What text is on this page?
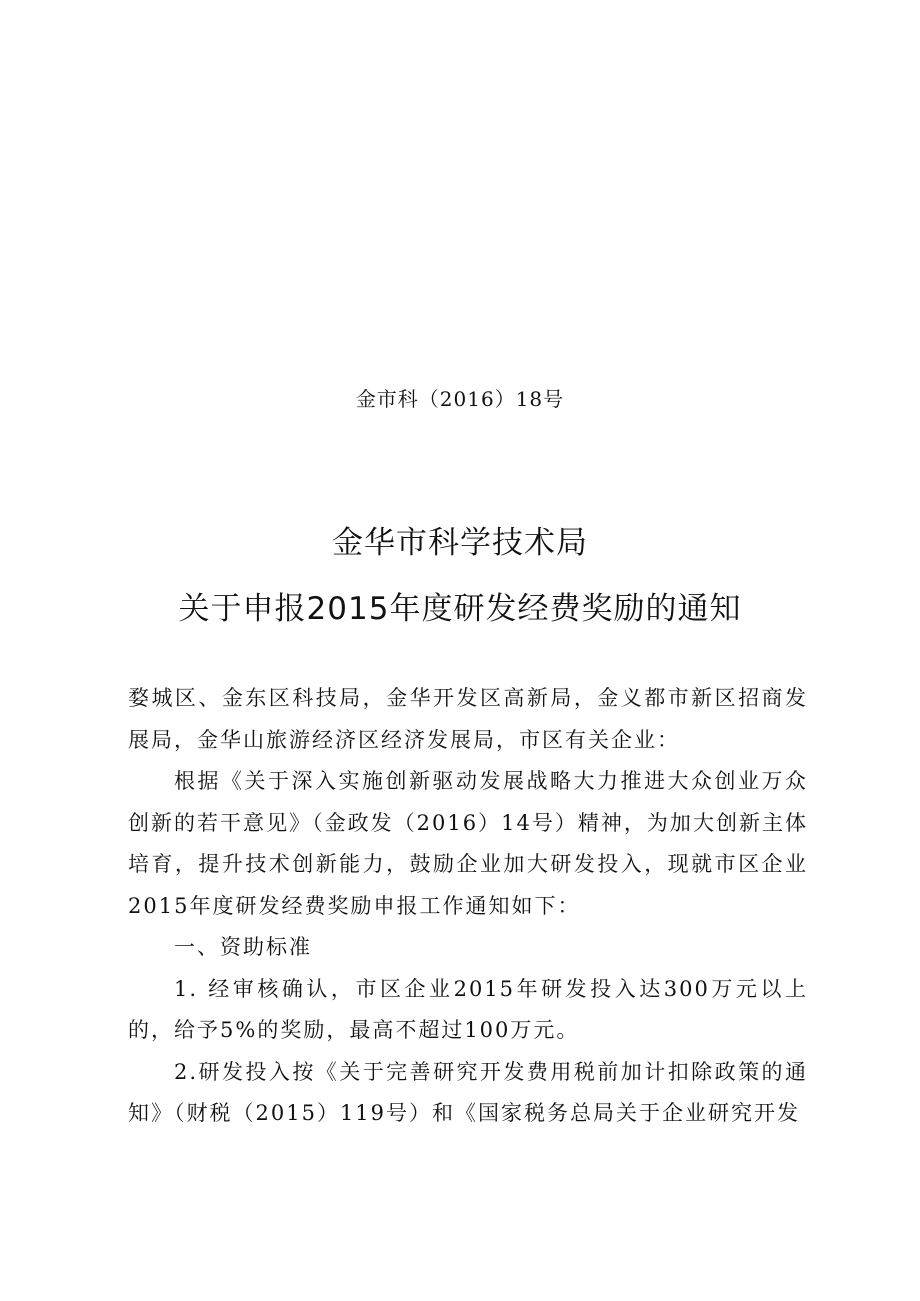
金市科（2016）18号
金华市科学技术局
关于申报2015年度研发经费奖励的通知

婺城区、金东区科技局，金华开发区高新局，金义都市新区招商发展局，金华山旅游经济区经济发展局，市区有关企业：

根据《关于深入实施创新驱动发展战略大力推进大众创业万众创新的若干意见》（金政发（2016）14号）精神，为加大创新主体培育，提升技术创新能力，鼓励企业加大研发投入，现就市区企业2015年度研发经费奖励申报工作通知如下：

一、资助标准

1. 经审核确认，市区企业2015年研发投入达300万元以上的，给予5%的奖励，最高不超过100万元。

2.研发投入按《关于完善研究开发费用税前加计扣除政策的通知》（财税（2015）119号）和《国家税务总局关于企业研究开发
